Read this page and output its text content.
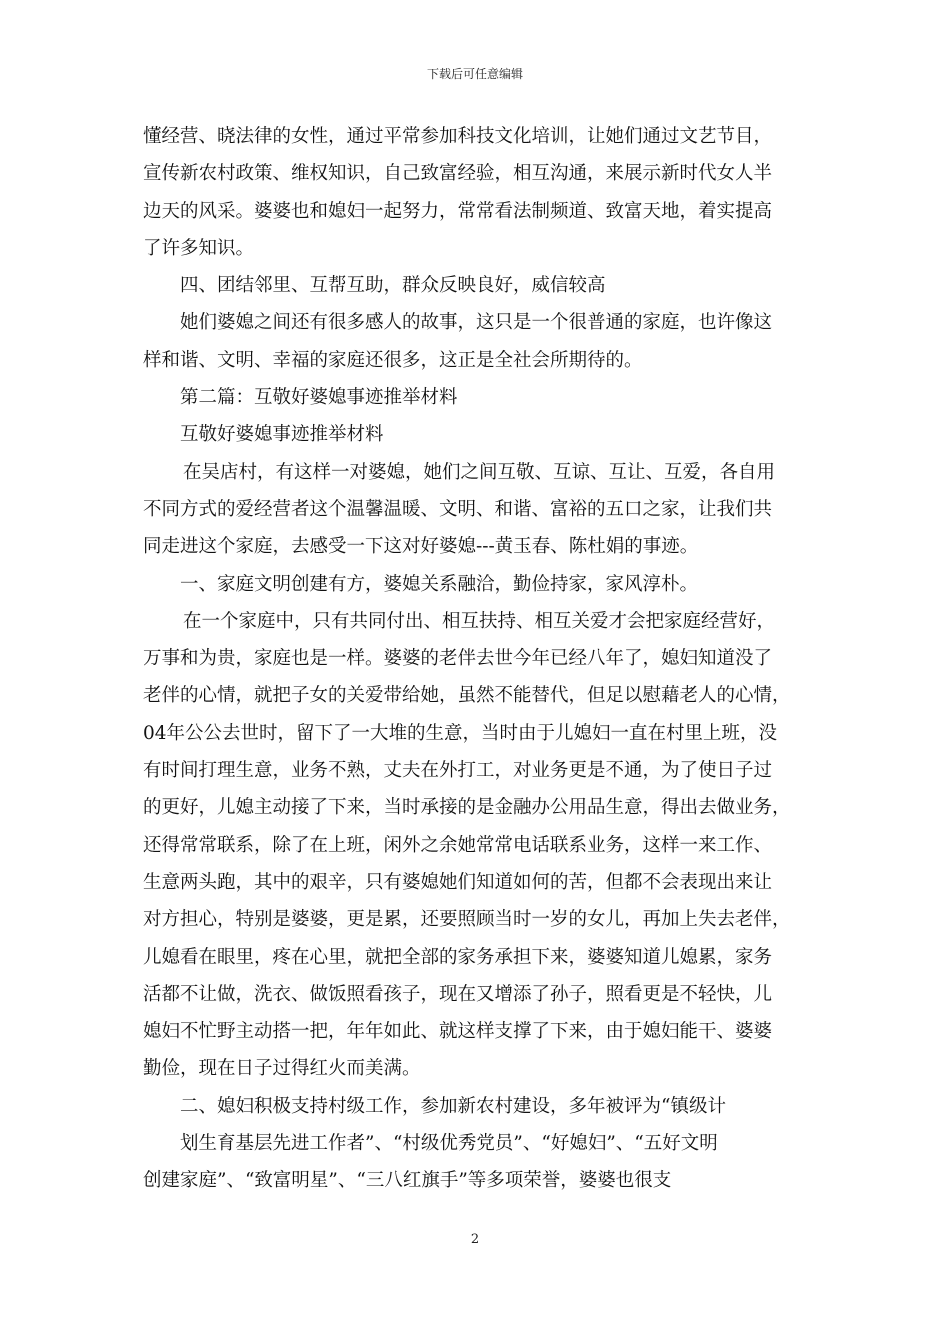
下载后可任意编辑
懂经营、晓法律的女性，通过平常参加科技文化培训，让她们通过文艺节目，
宣传新农村政策、维权知识，自己致富经验，相互沟通，来展示新时代女人半
边天的风采。婆婆也和媳妇一起努力，常常看法制频道、致富天地，着实提高
了许多知识。
四、团结邻里、互帮互助，群众反映良好，威信较高
她们婆媳之间还有很多感人的故事，这只是一个很普通的家庭，也许像这
样和谐、文明、幸福的家庭还很多，这正是全社会所期待的。
第二篇：互敬好婆媳事迹推举材料
互敬好婆媳事迹推举材料
在吴店村，有这样一对婆媳，她们之间互敬、互谅、互让、互爱，各自用
不同方式的爱经营者这个温馨温暖、文明、和谐、富裕的五口之家，让我们共
同走进这个家庭，去感受一下这对好婆媳---黄玉春、陈杜娟的事迹。
一、家庭文明创建有方，婆媳关系融洽，勤俭持家，家风淳朴。
在一个家庭中，只有共同付出、相互扶持、相互关爱才会把家庭经营好，
万事和为贵，家庭也是一样。婆婆的老伴去世今年已经八年了，媳妇知道没了
老伴的心情，就把子女的关爱带给她，虽然不能替代，但足以慰藉老人的心情，
04年公公去世时，留下了一大堆的生意，当时由于儿媳妇一直在村里上班，没
有时间打理生意，业务不熟，丈夫在外打工，对业务更是不通，为了使日子过
的更好，儿媳主动接了下来，当时承接的是金融办公用品生意，得出去做业务，
还得常常联系，除了在上班，闲外之余她常常电话联系业务，这样一来工作、
生意两头跑，其中的艰辛，只有婆媳她们知道如何的苦，但都不会表现出来让
对方担心，特别是婆婆，更是累，还要照顾当时一岁的女儿，再加上失去老伴，
儿媳看在眼里，疼在心里，就把全部的家务承担下来，婆婆知道儿媳累，家务
活都不让做，洗衣、做饭照看孩子，现在又增添了孙子，照看更是不轻快，儿
媳妇不忙野主动搭一把，年年如此、就这样支撑了下来，由于媳妇能干、婆婆
勤俭，现在日子过得红火而美满。
二、媳妇积极支持村级工作，参加新农村建设，多年被评为“镇级计
划生育基层先进工作者”、“村级优秀党员”、“好媳妇”、“五好文明
创建家庭”、“致富明星”、“三八红旗手”等多项荣誉，婆婆也很支
2
